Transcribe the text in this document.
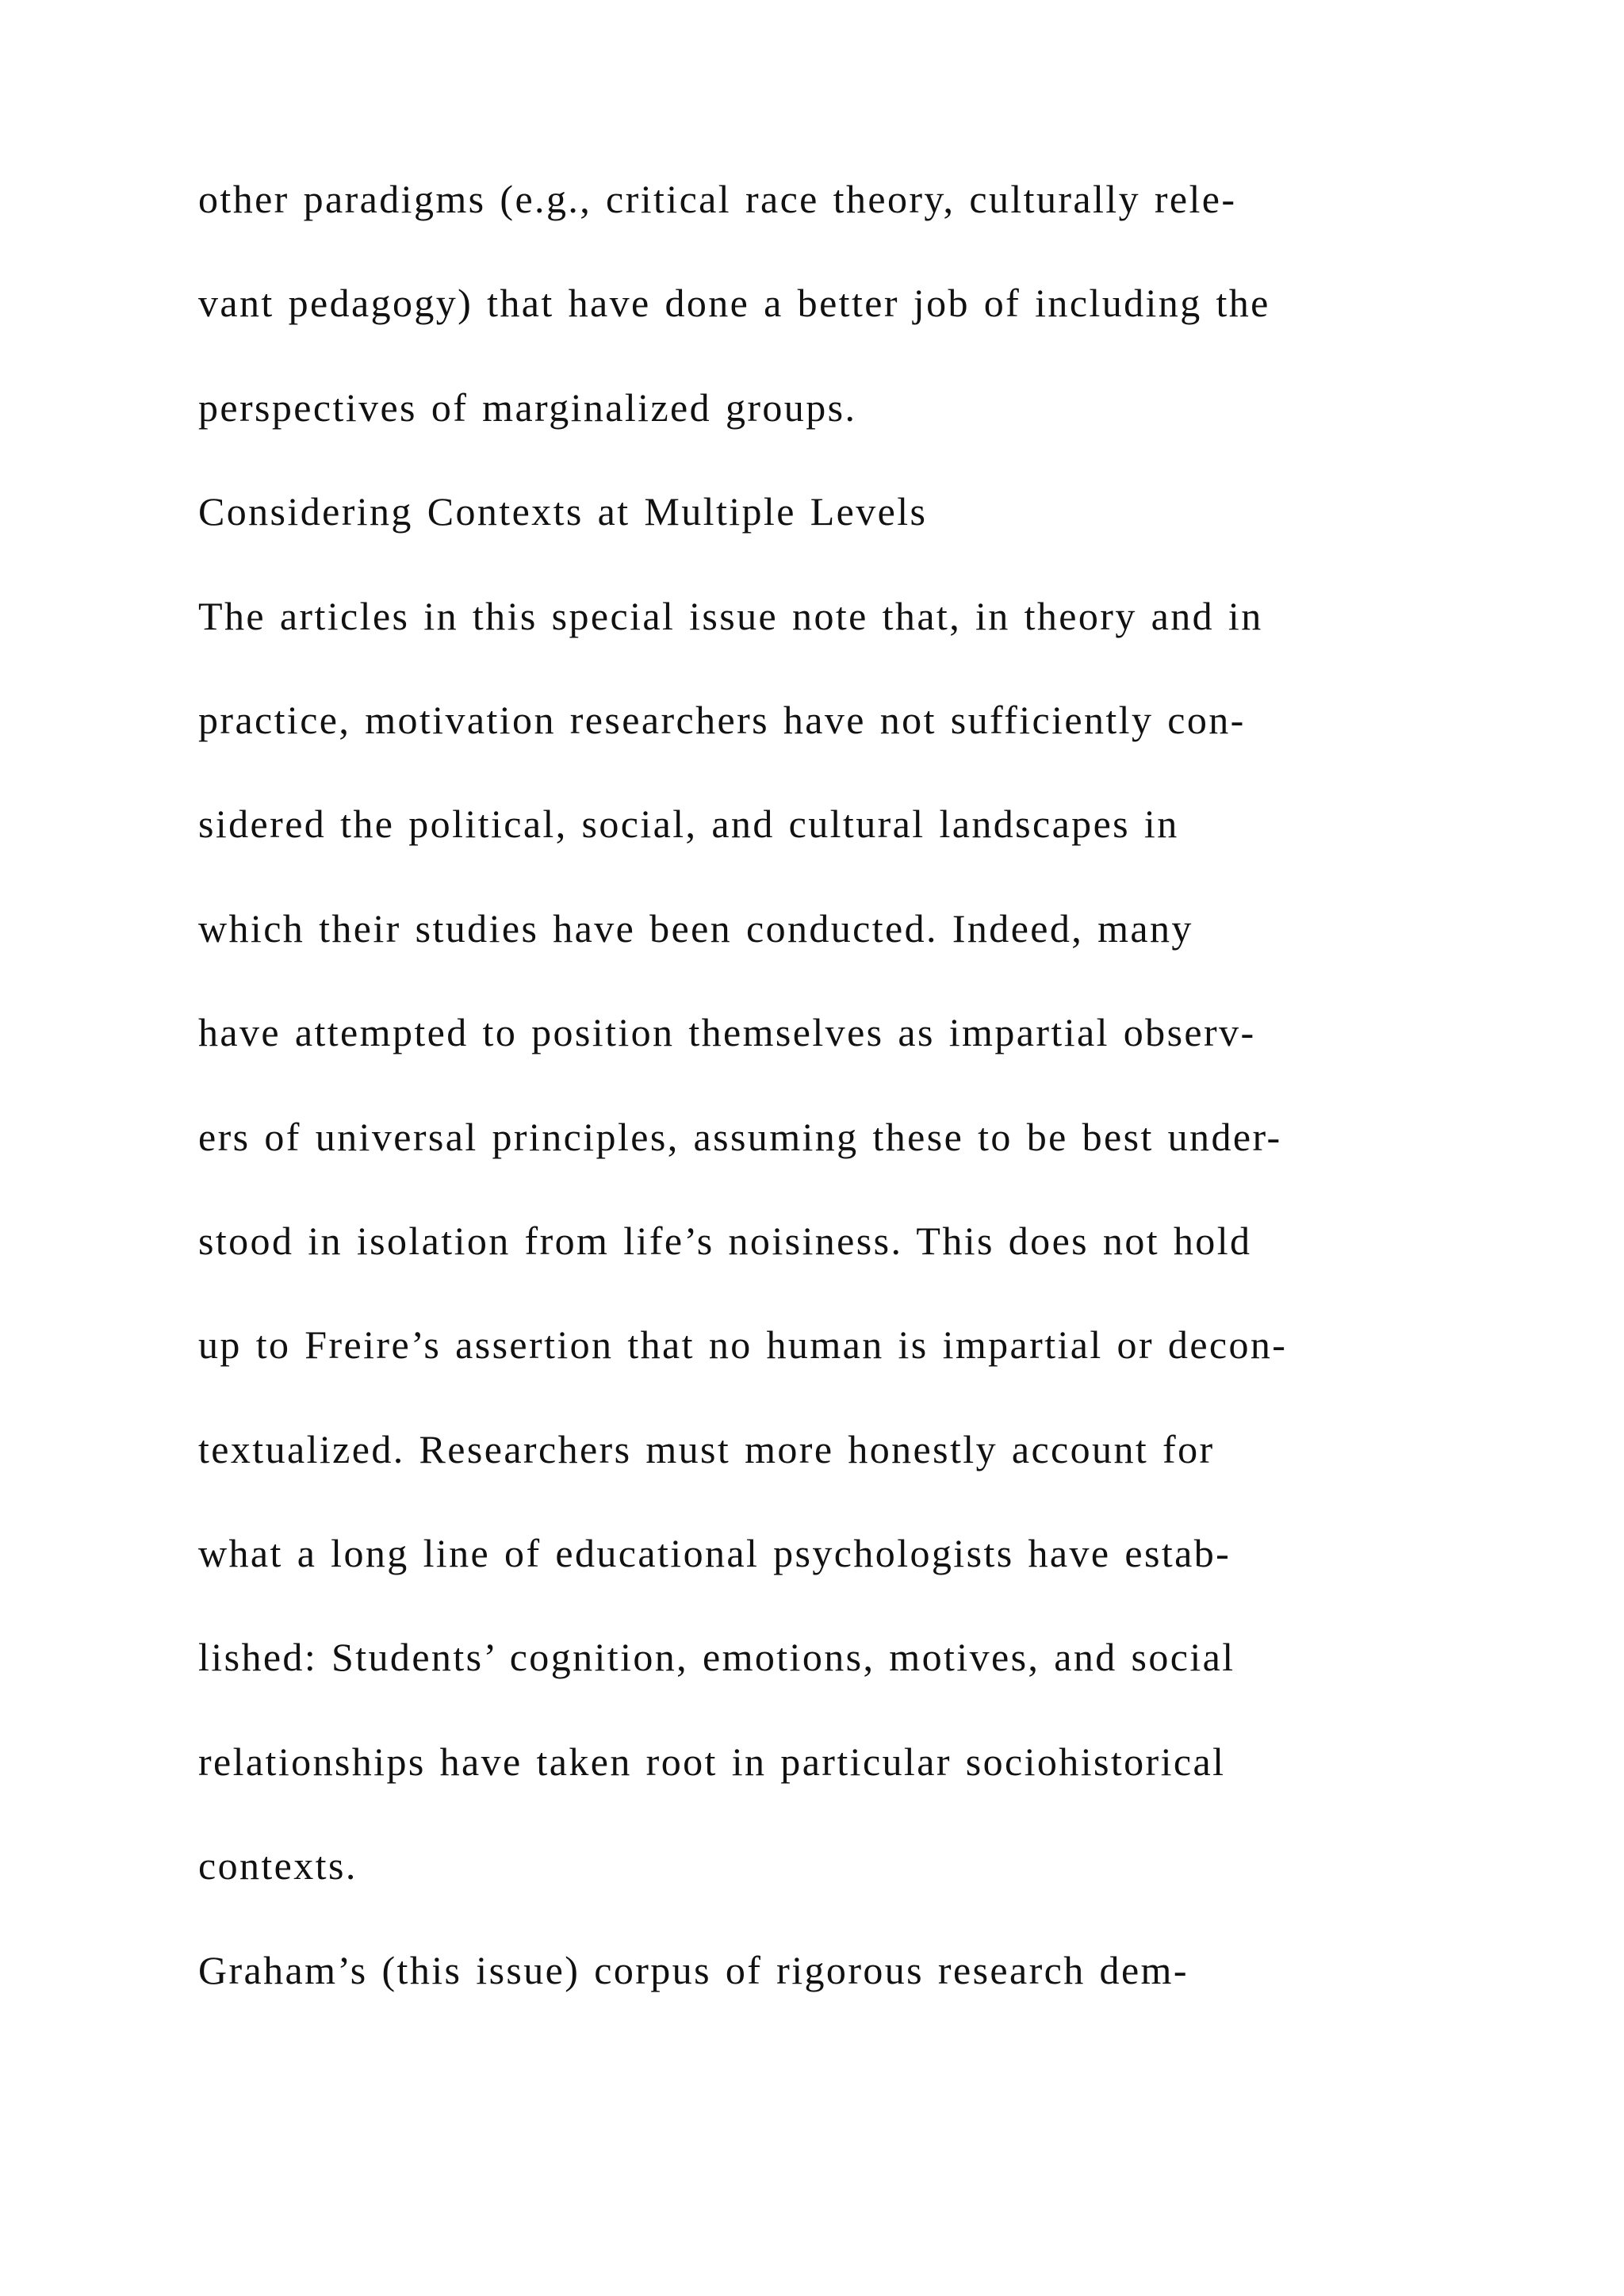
other paradigms (e.g., critical race theory, culturally rele-
vant pedagogy) that have done a better job of including the
perspectives of marginalized groups.
Considering Contexts at Multiple Levels
The articles in this special issue note that, in theory and in
practice, motivation researchers have not sufficiently con-
sidered the political, social, and cultural landscapes in
which their studies have been conducted. Indeed, many
have attempted to position themselves as impartial observ-
ers of universal principles, assuming these to be best under-
stood in isolation from life’s noisiness. This does not hold
up to Freire’s assertion that no human is impartial or decon-
textualized. Researchers must more honestly account for
what a long line of educational psychologists have estab-
lished: Students’ cognition, emotions, motives, and social
relationships have taken root in particular sociohistorical
contexts.
Graham’s (this issue) corpus of rigorous research dem-
